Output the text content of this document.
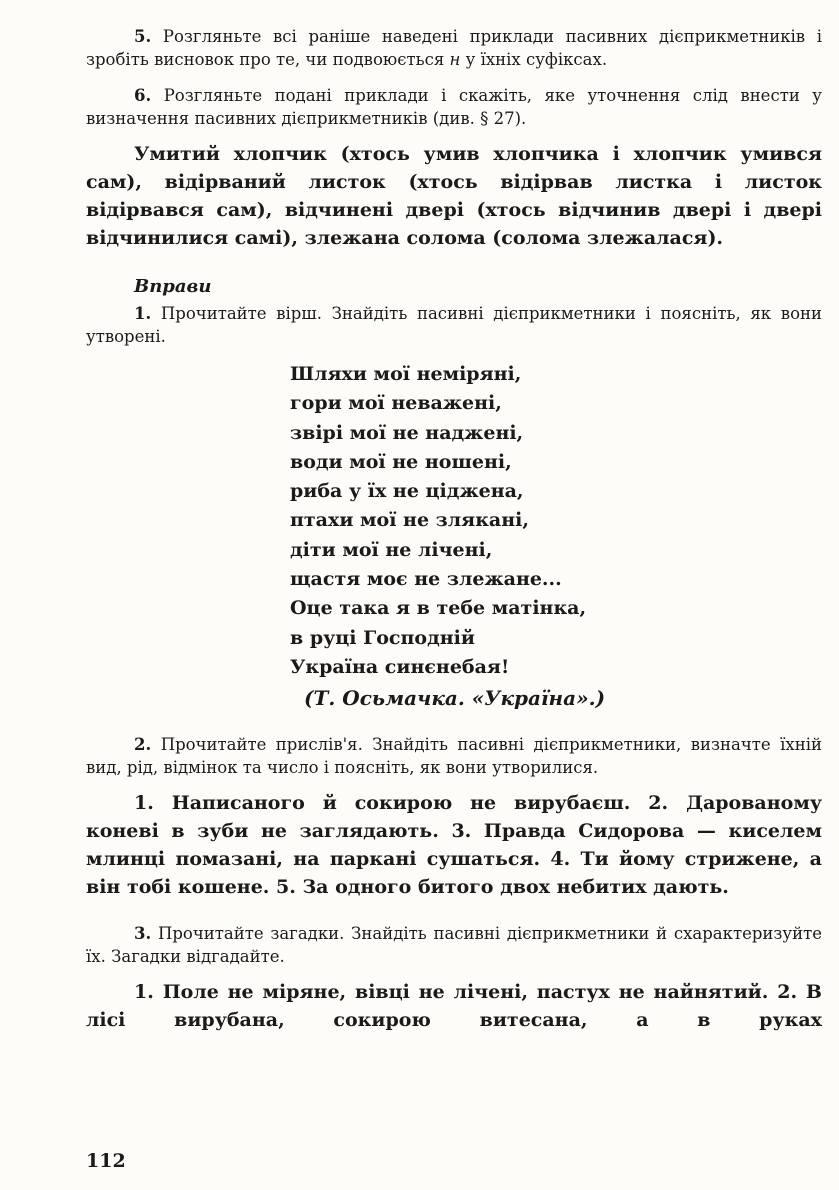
5. Розгляньте всі раніше наведені приклади пасивних дієприкметників і зробіть висновок про те, чи подвоюється н у їхніх суфіксах.

6. Розгляньте подані приклади і скажіть, яке уточнення слід внести у визначення пасивних дієприкметників (див. § 27).

Умитий хлопчик (хтось умив хлопчика і хлопчик умився сам), відірваний листок (хтось відірвав листка і листок відірвався сам), відчинені двері (хтось відчинив двері і двері відчинилися самі), злежана солома (солома злежалася).

Вправи

1. Прочитайте вірш. Знайдіть пасивні дієприкметники і поясніть, як вони утворені.

Шляхи мої неміряні,
гори мої неважені,
звірі мої не наджені,
води мої не ношені,
риба у їх не ціджена,
птахи мої не злякані,
діти мої не лічені,
щастя моє не злежане...
Оце така я в тебе матінка,
в руці Господній
Україна синєнебая!
(Т. Осьмачка. «Україна».)

2. Прочитайте прислів'я. Знайдіть пасивні дієприкметники, визначте їхній вид, рід, відмінок та число і поясніть, як вони утворилися.

1. Написаного й сокирою не вирубаєш. 2. Дарованому коневі в зуби не заглядають. 3. Правда Сидорова — киселем млинці помазані, на паркані сушаться. 4. Ти йому стрижене, а він тобі кошене. 5. За одного битого двох небитих дають.

3. Прочитайте загадки. Знайдіть пасивні дієприкметники й схарактеризуйте їх. Загадки відгадайте.

1. Поле не міряне, вівці не лічені, пастух не найнятий. 2. В лісі вирубана, сокирою витесана, а в руках

112
